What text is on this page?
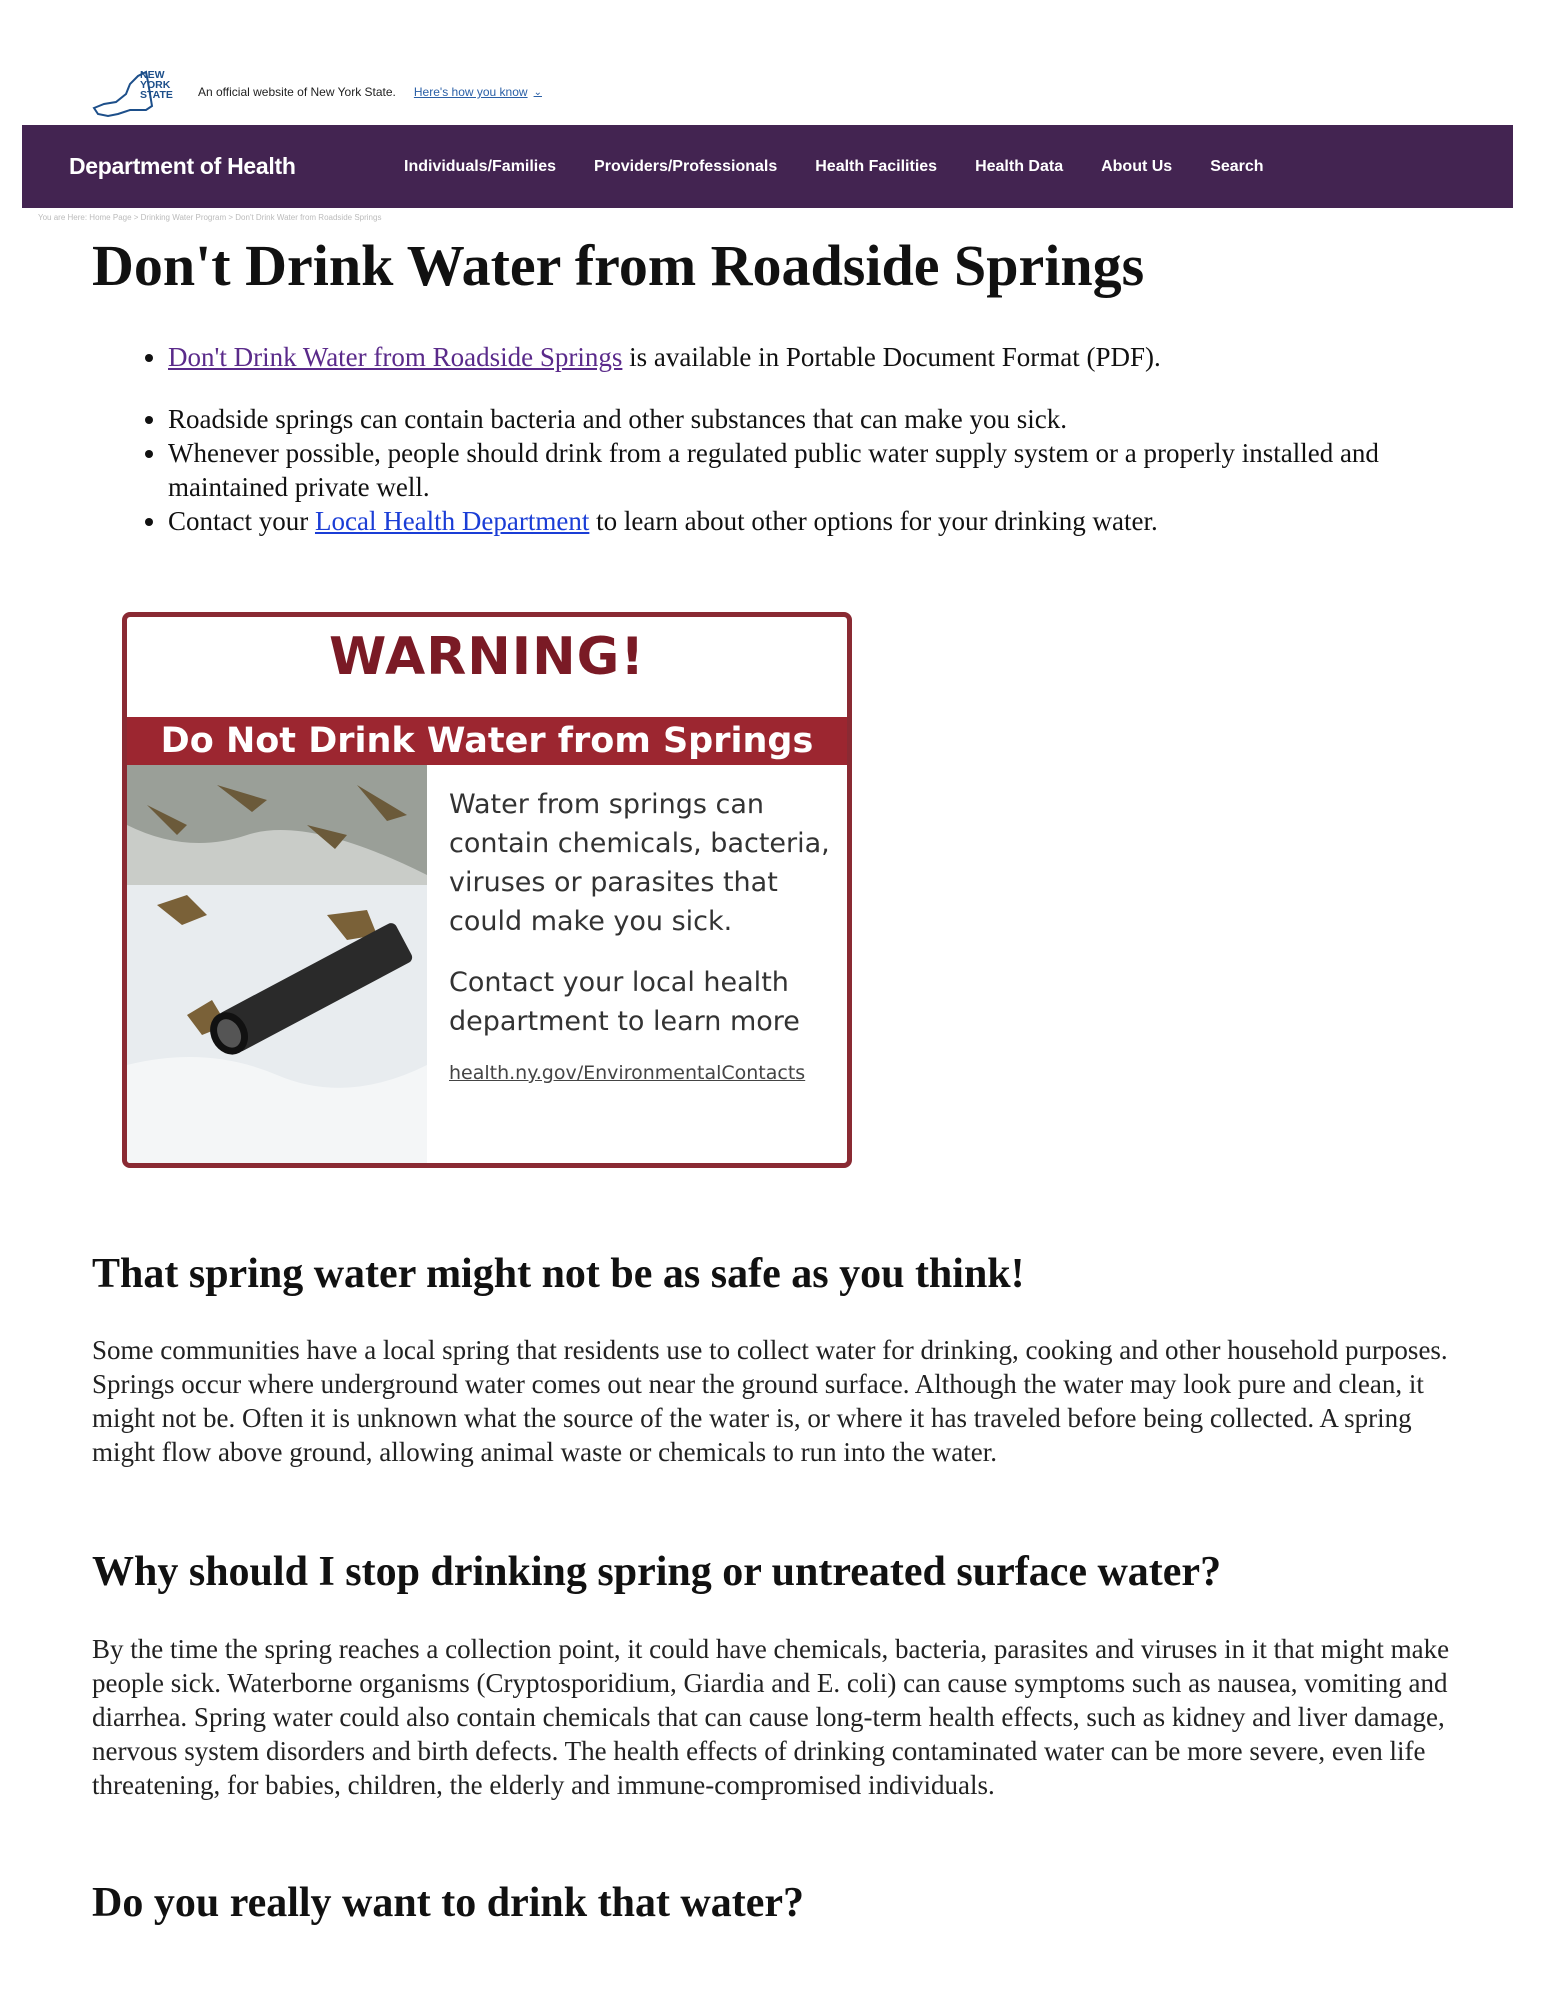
NEW YORK STATE	An official website of New York State. Here's how you know ⌄
Department of Health	Individuals/Families Providers/Professionals Health Facilities Health Data About Us Search
You are Here: Home Page > Drinking Water Program > Don't Drink Water from Roadside Springs
Don't Drink Water from Roadside Springs
• Don't Drink Water from Roadside Springs is available in Portable Document Format (PDF).
• Roadside springs can contain bacteria and other substances that can make you sick.
• Whenever possible, people should drink from a regulated public water supply system or a properly installed and maintained private well.
• Contact your Local Health Department to learn about other options for your drinking water.
WARNING!
Do Not Drink Water from Springs

Water from springs can contain chemicals, bacteria, viruses or parasites that could make you sick.

Contact your local health department to learn more

health.ny.gov/EnvironmentalContacts
That spring water might not be as safe as you think!

Some communities have a local spring that residents use to collect water for drinking, cooking and other household purposes. Springs occur where underground water comes out near the ground surface. Although the water may look pure and clean, it might not be. Often it is unknown what the source of the water is, or where it has traveled before being collected. A spring might flow above ground, allowing animal waste or chemicals to run into the water.

Why should I stop drinking spring or untreated surface water?

By the time the spring reaches a collection point, it could have chemicals, bacteria, parasites and viruses in it that might make people sick. Waterborne organisms (Cryptosporidium, Giardia and E. coli) can cause symptoms such as nausea, vomiting and diarrhea. Spring water could also contain chemicals that can cause long-term health effects, such as kidney and liver damage, nervous system disorders and birth defects. The health effects of drinking contaminated water can be more severe, even life threatening, for babies, children, the elderly and immune-compromised individuals.

Do you really want to drink that water?
